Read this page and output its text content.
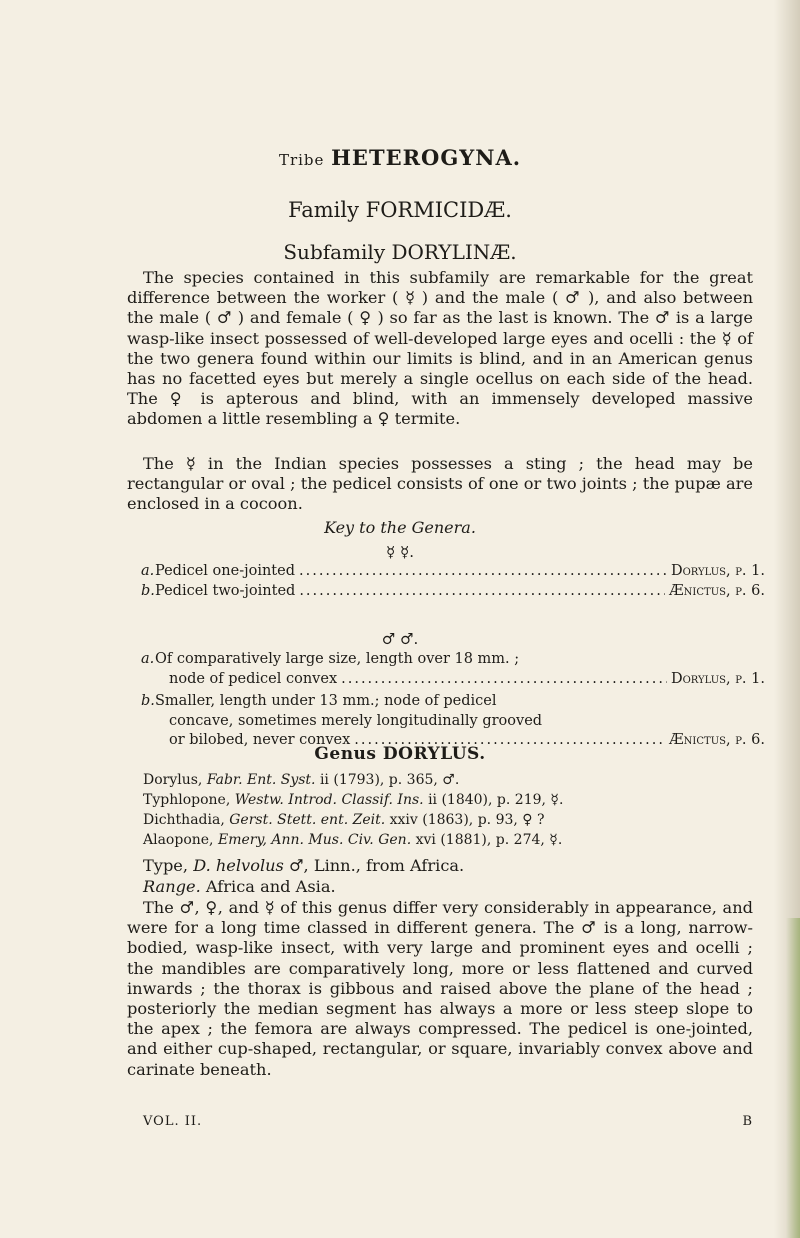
Tribe HETEROGYNA.
Family FORMICIDÆ.
Subfamily DORYLINÆ.
The species contained in this subfamily are remarkable for the great difference between the worker ( ☿ ) and the male ( ♂ ), and also between the male ( ♂ ) and female ( ♀ ) so far as the last is known. The ♂ is a large wasp-like insect possessed of well-developed large eyes and ocelli : the ☿ of the two genera found within our limits is blind, and in an American genus has no facetted eyes but merely a single ocellus on each side of the head. The ♀ is apterous and blind, with an immensely developed massive abdomen a little resembling a ♀ termite.
The ☿ in the Indian species possesses a sting ; the head may be rectangular or oval ; the pedicel consists of one or two joints ; the pupæ are enclosed in a cocoon.
Key to the Genera.
☿ ☿.
a.Pedicel one-jointed .....	Dorylus, p. 1.
b.Pedicel two-jointed .....	Ænictus, p. 6.
♂ ♂.
a.Of comparatively large size, length over 18 mm. ;
node of pedicel convex .....	Dorylus, p. 1.
b.Smaller, length under 13 mm.; node of pedicel
concave, sometimes merely longitudinally grooved
or bilobed, never convex .....	Ænictus, p. 6.
Genus DORYLUS.
Dorylus, Fabr. Ent. Syst. ii (1793), p. 365, ♂.
Typhlopone, Westw. Introd. Classif. Ins. ii (1840), p. 219, ☿.
Dichthadia, Gerst. Stett. ent. Zeit. xxiv (1863), p. 93, ♀ ?
Alaopone, Emery, Ann. Mus. Civ. Gen. xvi (1881), p. 274, ☿.
Type, D. helvolus ♂, Linn., from Africa.
Range. Africa and Asia.
The ♂, ♀, and ☿ of this genus differ very considerably in appearance, and were for a long time classed in different genera. The ♂ is a long, narrow-bodied, wasp-like insect, with very large and prominent eyes and ocelli ; the mandibles are comparatively long, more or less flattened and curved inwards ; the thorax is gibbous and raised above the plane of the head ; posteriorly the median segment has always a more or less steep slope to the apex ; the femora are always compressed. The pedicel is one-jointed, and either cup-shaped, rectangular, or square, invariably convex above and carinate beneath.
VOL. II.	B
